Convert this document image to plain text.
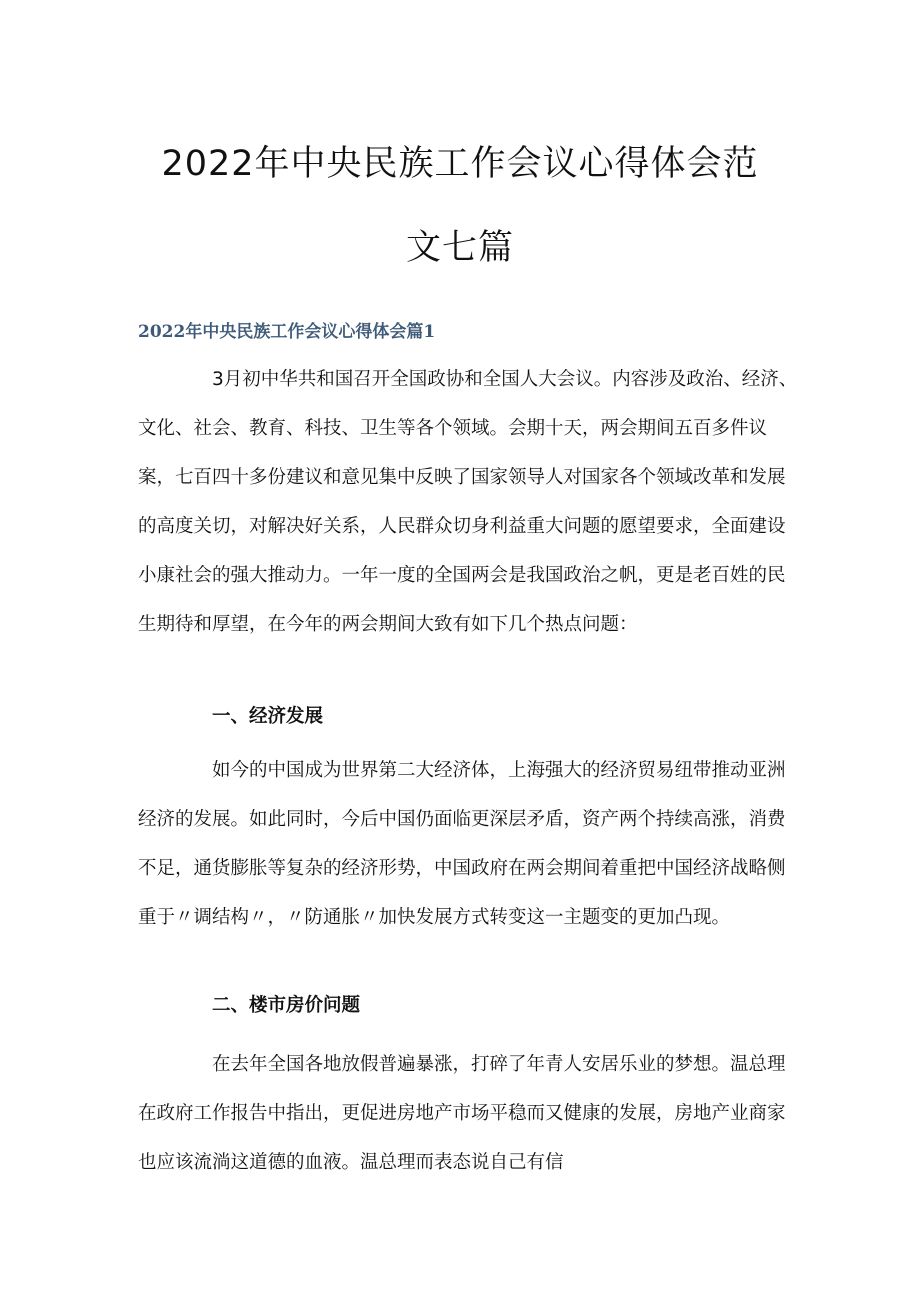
2022年中央民族工作会议心得体会范
文七篇
2022年中央民族工作会议心得体会篇1

3月初中华共和国召开全国政协和全国人大会议。内容涉及政治、经济、文化、社会、教育、科技、卫生等各个领域。会期十天，两会期间五百多件议案，七百四十多份建议和意见集中反映了国家领导人对国家各个领域改革和发展的高度关切，对解决好关系，人民群众切身利益重大问题的愿望要求，全面建设小康社会的强大推动力。一年一度的全国两会是我国政治之帆，更是老百姓的民生期待和厚望，在今年的两会期间大致有如下几个热点问题：

一、经济发展

如今的中国成为世界第二大经济体，上海强大的经济贸易纽带推动亚洲经济的发展。如此同时，今后中国仍面临更深层矛盾，资产两个持续高涨，消费不足，通货膨胀等复杂的经济形势，中国政府在两会期间着重把中国经济战略侧重于〃调结构〃，〃防通胀〃加快发展方式转变这一主题变的更加凸现。

二、楼市房价问题

在去年全国各地放假普遍暴涨，打碎了年青人安居乐业的梦想。温总理在政府工作报告中指出，更促进房地产市场平稳而又健康的发展，房地产业商家也应该流淌这道德的血液。温总理而表态说自己有信
